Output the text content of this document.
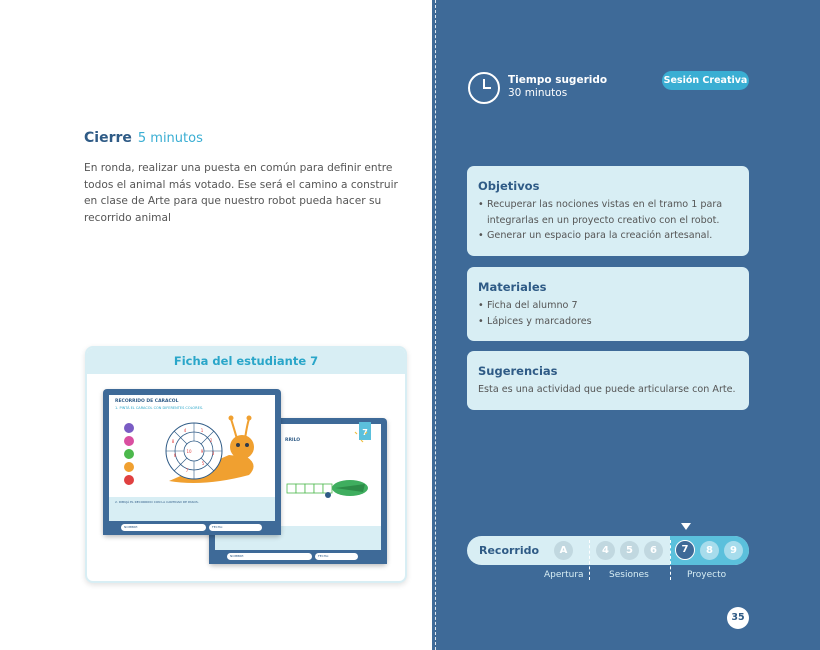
Cierre 5 minutos
En ronda, realizar una puesta en común para definir entre todos el animal más votado. Ese será el camino a construir en clase de Arte para que nuestro robot pueda hacer su recorrido animal
Ficha del estudiante 7
RRILO
7
NOMBRE:	FECHA:
RECORRIDO DE CARACOL
1. PINTÁ EL CARACOL CON DIFERENTES COLORES.
1
2
3
4
5
6
7
8
9
10
2. DIBUJÁ EL RECORRIDO CON LA CANTIDAD DE PASOS.
NOMBRE:	FECHA:
Tiempo sugerido
30 minutos
Sesión Creativa
Objetivos
• Recuperar las nociones vistas en el tramo 1 para integrarlas en un proyecto creativo con el robot.
• Generar un espacio para la creación artesanal.
Materiales
• Ficha del alumno 7
• Lápices y marcadores
Sugerencias

Esta es una actividad que puede articularse con Arte.

Recorrido	A	4	5	6	7	8	9
Apertura	Sesiones	Proyecto
35
